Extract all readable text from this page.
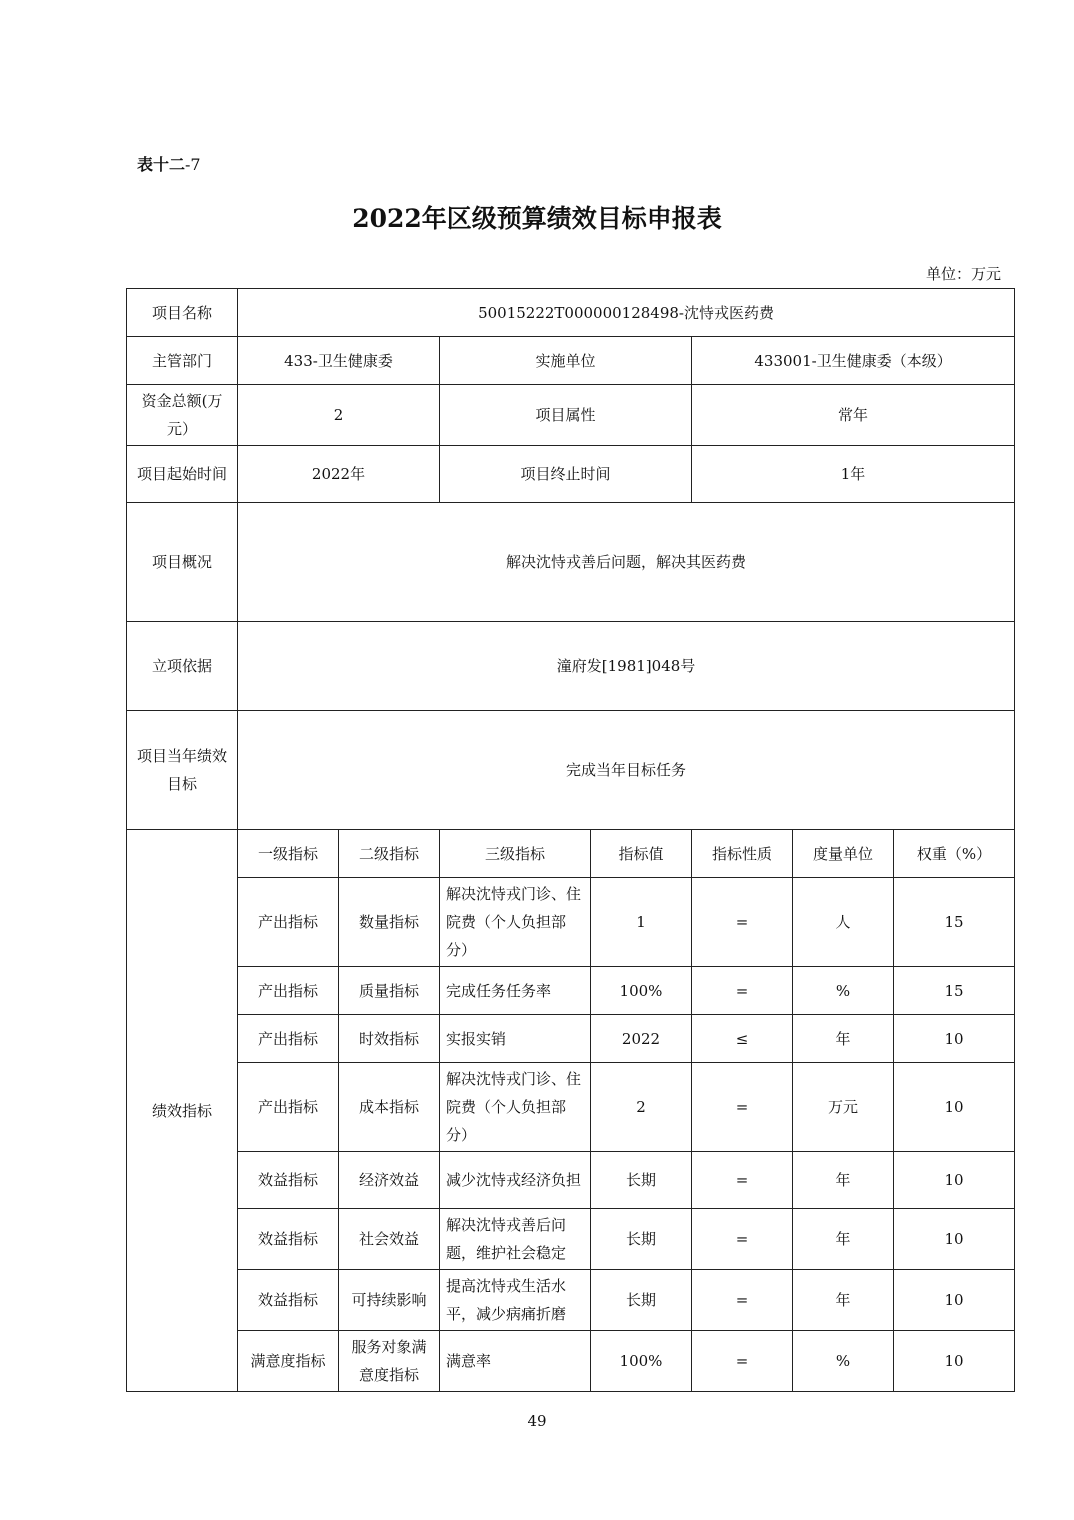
表十二-7
2022年区级预算绩效目标申报表
单位：万元
项目名称	50015222T000000128498-沈恃戎医药费						
主管部门	433-卫生健康委		实施单位		433001-卫生健康委（本级）		
资金总额(万元）	2		项目属性		常年		
项目起始时间	2022年		项目终止时间		1年		
项目概况	解决沈恃戎善后问题，解决其医药费						
立项依据	潼府发[1981]048号						
项目当年绩效目标	完成当年目标任务						
绩效指标	一级指标	二级指标	三级指标	指标值	指标性质	度量单位	权重（%）
	产出指标	数量指标	解决沈恃戎门诊、住院费（个人负担部分）	1	=	人	15
	产出指标	质量指标	完成任务任务率	100%	=	%	15
	产出指标	时效指标	实报实销	2022	≤	年	10
	产出指标	成本指标	解决沈恃戎门诊、住院费（个人负担部分）	2	=	万元	10
	效益指标	经济效益	减少沈恃戎经济负担	长期	=	年	10
	效益指标	社会效益	解决沈恃戎善后问题，维护社会稳定	长期	=	年	10
	效益指标	可持续影响	提高沈恃戎生活水平，减少病痛折磨	长期	=	年	10
	满意度指标	服务对象满意度指标	满意率	100%	=	%	10
49
